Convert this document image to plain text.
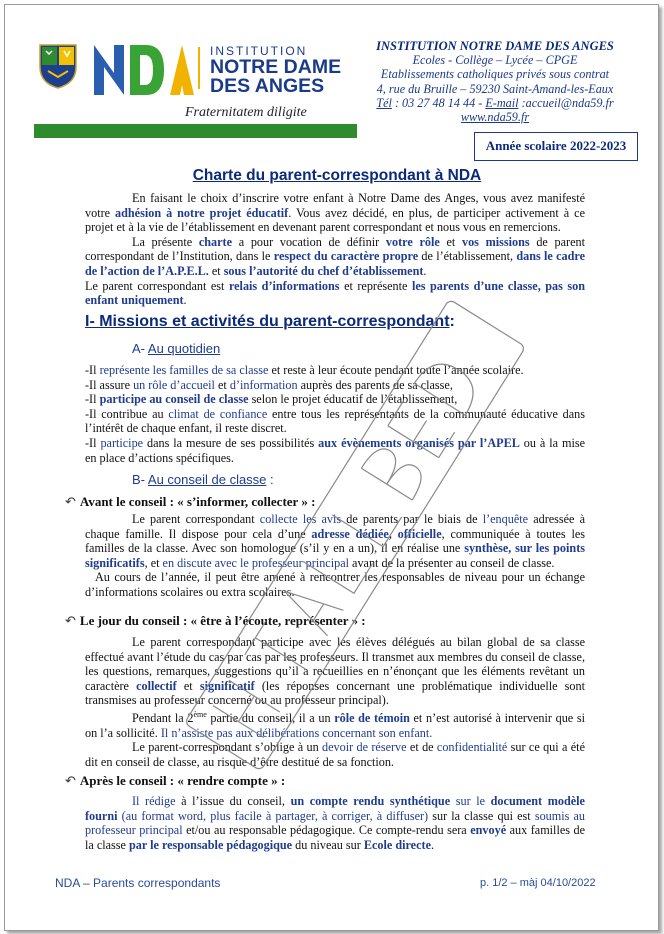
INSTITUTION
NOTRE DAME
DES ANGES
Fraternitatem diligite
INSTITUTION NOTRE DAME DES ANGES
Ecoles - Collège – Lycée – CPGE
Etablissements catholiques privés sous contrat
4, rue du Bruille – 59230 Saint-Amand-les-Eaux
Tél : 03 27 48 14 44 - E-mail :accueil@nda59.fr
www.nda59.fr
Année scolaire 2022-2023
Charte du parent-correspondant à NDA

En faisant le choix d’inscrire votre enfant à Notre Dame des Anges, vous avez manifesté votre adhésion à notre projet éducatif. Vous avez décidé, en plus, de participer activement à ce projet et à la vie de l’établissement en devenant parent correspondant et nous vous en remercions.

La présente charte a pour vocation de définir votre rôle et vos missions de parent correspondant de l’Institution, dans le respect du caractère propre de l’établissement, dans le cadre de l’action de l’A.P.E.L. et sous l’autorité du chef d’établissement.

Le parent correspondant est relais d’informations et représente les parents d’une classe, pas son enfant uniquement.

I- Missions et activités du parent-correspondant:
A- Au quotidien

-Il représente les familles de sa classe et reste à leur écoute pendant toute l’année scolaire.

-Il assure un rôle d’accueil et d’information auprès des parents de sa classe,

-Il participe au conseil de classe selon le projet éducatif de l’établissement,

-Il contribue au climat de confiance entre tous les représentants de la communauté éducative dans l’intérêt de chaque enfant, il reste discret.

-Il participe dans la mesure de ses possibilités aux évènements organisés par l’APEL ou à la mise en place d’actions spécifiques.

B- Au conseil de classe :
↶ Avant le conseil : « s’informer, collecter » :

Le parent correspondant collecte les avis de parents par le biais de l’enquête adressée à chaque famille. Il dispose pour cela d’une adresse dédiée, officielle, communiquée à toutes les familles de la classe. Avec son homologue (s’il y en a un), il en réalise une synthèse, sur les points significatifs, et en discute avec le professeur principal avant de la présenter au conseil de classe.

Au cours de l’année, il peut être amené à rencontrer les responsables de niveau pour un échange d’informations scolaires ou extra scolaires.

↶ Le jour du conseil : « être à l’écoute, représenter » :

Le parent correspondant participe avec les élèves délégués au bilan global de sa classe effectué avant l’étude du cas par cas par les professeurs. Il transmet aux membres du conseil de classe, les questions, remarques, suggestions qu’il a recueillies en n’énonçant que les éléments revêtant un caractère collectif et significatif (les réponses concernant une problématique individuelle sont transmises au professeur concerné ou au professeur principal).

Pendant la 2ème partie du conseil, il a un rôle de témoin et n’est autorisé à intervenir que si on l’a sollicité. Il n’assiste pas aux délibérations concernant son enfant.

Le parent-correspondant s’oblige à un devoir de réserve et de confidentialité sur ce qui a été dit en conseil de classe, au risque d’être destitué de sa fonction.

↶ Après le conseil : « rendre compte » :

Il rédige à l’issue du conseil, un compte rendu synthétique sur le document modèle fourni (au format word, plus facile à partager, à corriger, à diffuser) sur la classe qui est soumis au professeur principal et/ou au responsable pédagogique. Ce compte-rendu sera envoyé aux familles de la classe par le responsable pédagogique du niveau sur Ecole directe.

NDA – Parents correspondants	p. 1/2 – màj 04/10/2022
